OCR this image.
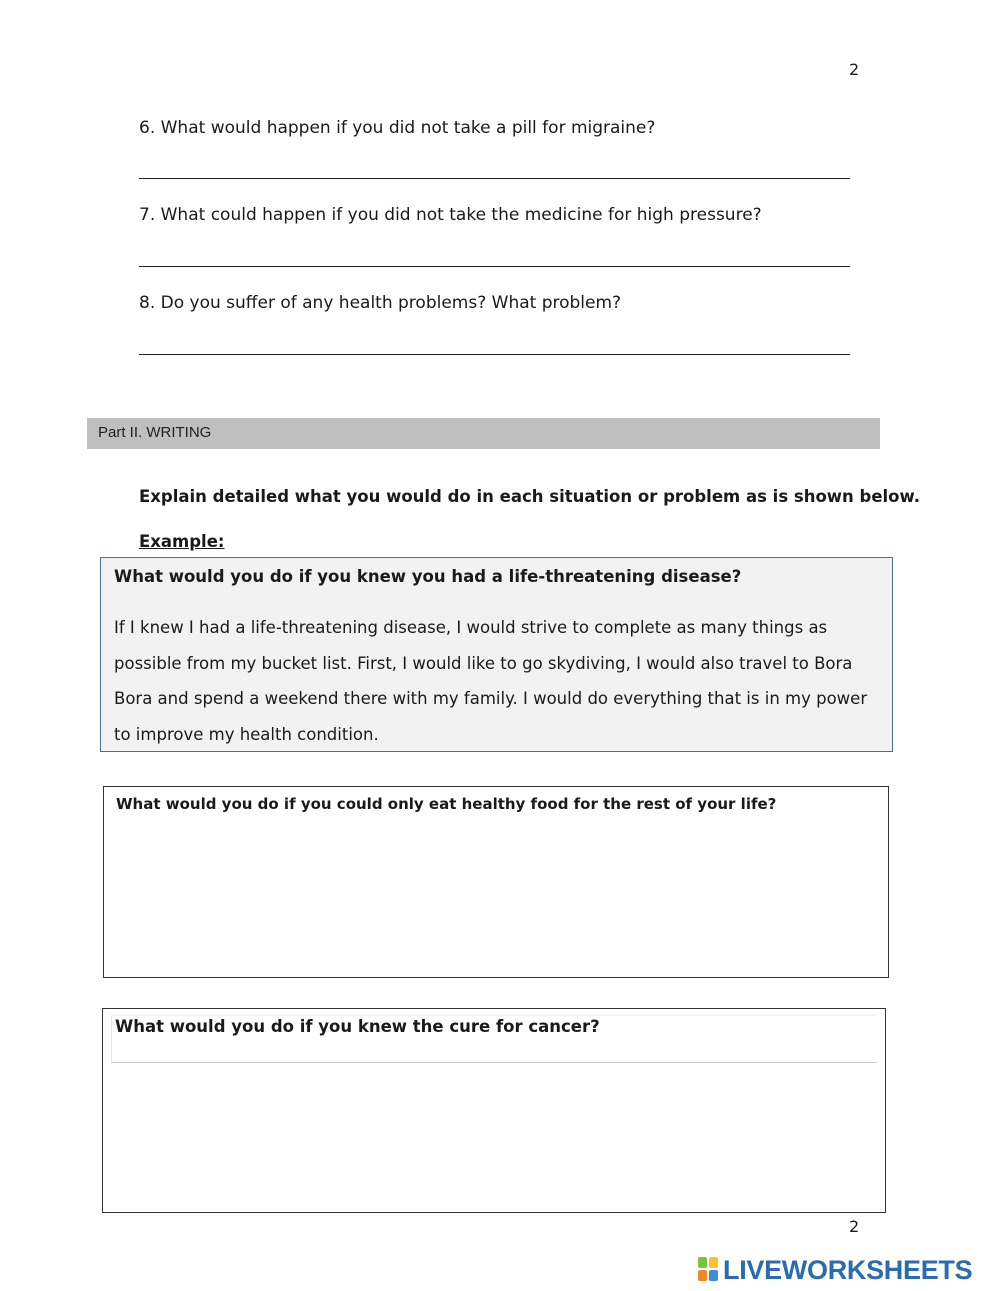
2
6. What would happen if you did not take a pill for migraine?
7. What could happen if you did not take the medicine for high pressure?
8. Do you suffer of any health problems? What problem?
Part II. WRITING
Explain detailed what you would do in each situation or problem as is shown below.
Example:
What would you do if you knew you had a life-threatening disease?
If I knew I had a life-threatening disease, I would strive to complete as many things as possible from my bucket list. First, I would like to go skydiving, I would also travel to Bora Bora and spend a weekend there with my family. I would do everything that is in my power to improve my health condition.
What would you do if you could only eat healthy food for the rest of your life?
What would you do if you knew the cure for cancer?
2
LIVEWORKSHEETS
